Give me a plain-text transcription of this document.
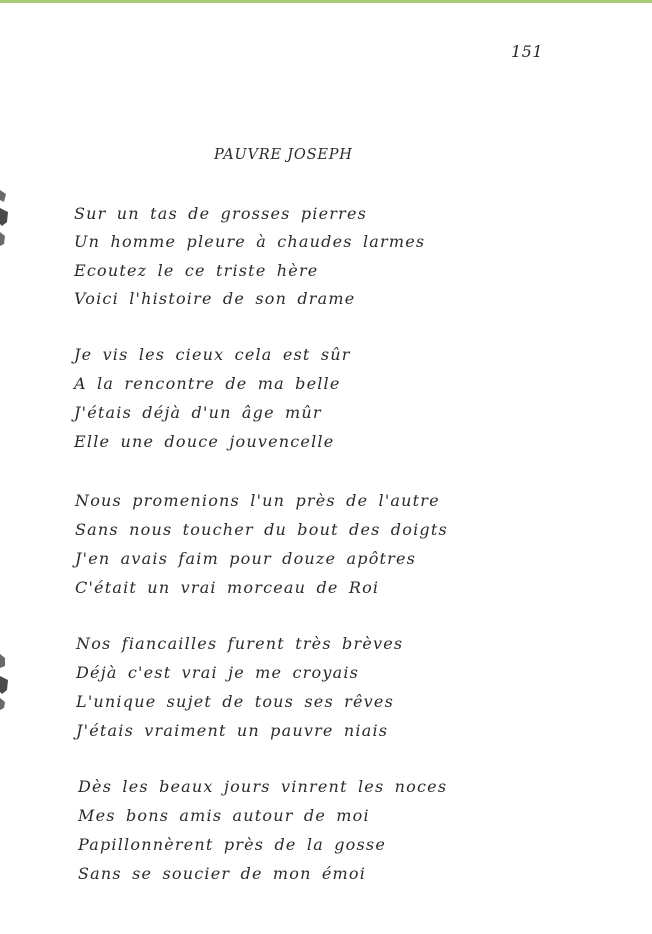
151
PAUVRE JOSEPH
Sur un tas de grosses pierres
Un homme pleure à chaudes larmes
Ecoutez le ce triste hère
Voici l'histoire de son drame
Je vis les cieux cela est sûr
A la rencontre de ma belle
J'étais déjà d'un âge mûr
Elle une douce jouvencelle
Nous promenions l'un près de l'autre
Sans nous toucher du bout des doigts
J'en avais faim pour douze apôtres
C'était un vrai morceau de Roi
Nos fiancailles furent très brèves
Déjà c'est vrai je me croyais
L'unique sujet de tous ses rêves
J'étais vraiment un pauvre niais
Dès les beaux jours vinrent les noces
Mes bons amis autour de moi
Papillonnèrent près de la gosse
Sans se soucier de mon émoi
